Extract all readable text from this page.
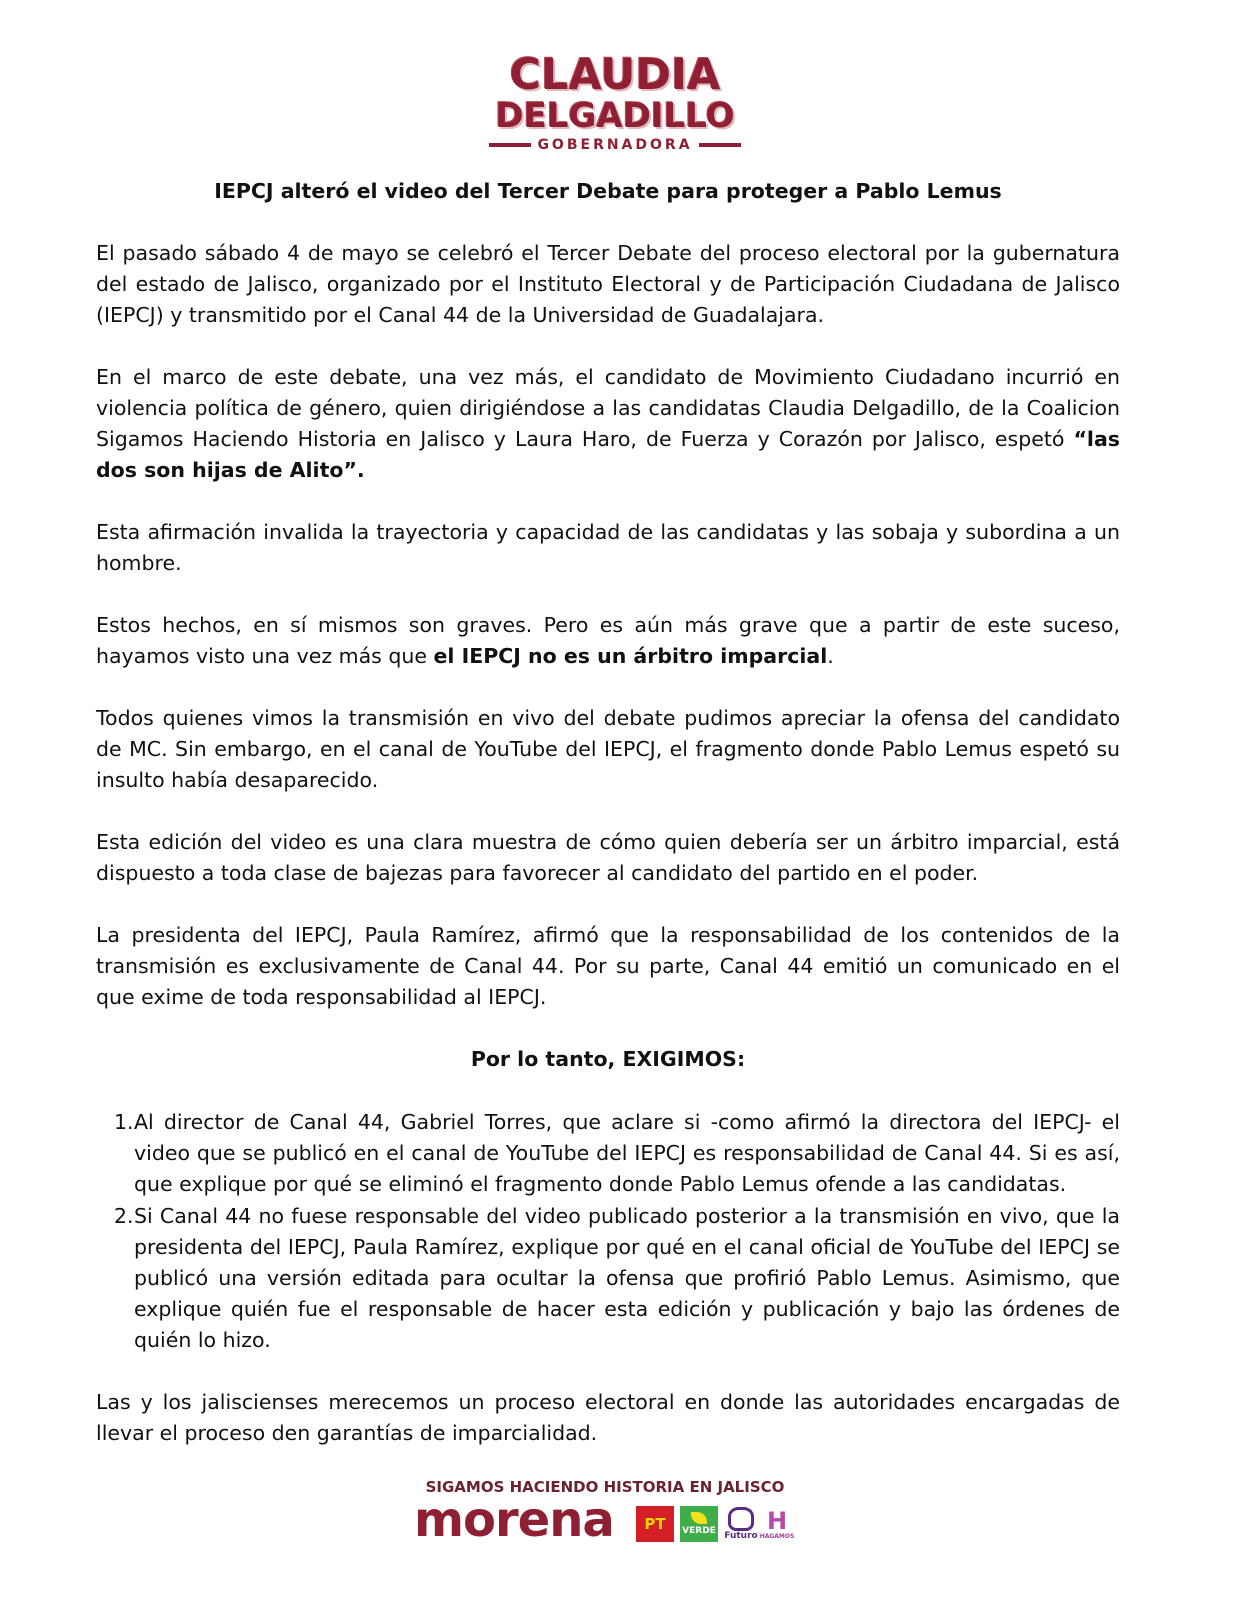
CLAUDIA
DELGADILLO
GOBERNADORA
IEPCJ alteró el video del Tercer Debate para proteger a Pablo Lemus

El pasado sábado 4 de mayo se celebró el Tercer Debate del proceso electoral por la gubernatura del estado de Jalisco, organizado por el Instituto Electoral y de Participación Ciudadana de Jalisco (IEPCJ) y transmitido por el Canal 44 de la Universidad de Guadalajara.

En el marco de este debate, una vez más, el candidato de Movimiento Ciudadano incurrió en violencia política de género, quien dirigiéndose a las candidatas Claudia Delgadillo, de la Coalicion Sigamos Haciendo Historia en Jalisco y Laura Haro, de Fuerza y Corazón por Jalisco, espetó “las dos son hijas de Alito”.

Esta afirmación invalida la trayectoria y capacidad de las candidatas y las sobaja y subordina a un hombre.

Estos hechos, en sí mismos son graves. Pero es aún más grave que a partir de este suceso, hayamos visto una vez más que el IEPCJ no es un árbitro imparcial.

Todos quienes vimos la transmisión en vivo del debate pudimos apreciar la ofensa del candidato de MC. Sin embargo, en el canal de YouTube del IEPCJ, el fragmento donde Pablo Lemus espetó su insulto había desaparecido.

Esta edición del video es una clara muestra de cómo quien debería ser un árbitro imparcial, está dispuesto a toda clase de bajezas para favorecer al candidato del partido en el poder.

La presidenta del IEPCJ, Paula Ramírez, afirmó que la responsabilidad de los contenidos de la transmisión es exclusivamente de Canal 44. Por su parte, Canal 44 emitió un comunicado en el que exime de toda responsabilidad al IEPCJ.

Por lo tanto, EXIGIMOS:
1. Al director de Canal 44, Gabriel Torres, que aclare si -como afirmó la directora del IEPCJ- el video que se publicó en el canal de YouTube del IEPCJ es responsabilidad de Canal 44. Si es así, que explique por qué se eliminó el fragmento donde Pablo Lemus ofende a las candidatas.
2. Si Canal 44 no fuese responsable del video publicado posterior a la transmisión en vivo, que la presidenta del IEPCJ, Paula Ramírez, explique por qué en el canal oficial de YouTube del IEPCJ se publicó una versión editada para ocultar la ofensa que profirió Pablo Lemus. Asimismo, que explique quién fue el responsable de hacer esta edición y publicación y bajo las órdenes de quién lo hizo.

Las y los jaliscienses merecemos un proceso electoral en donde las autoridades encargadas de llevar el proceso den garantías de imparcialidad.

SIGAMOS HACIENDO HISTORIA EN JALISCO
morena PT VERDE Futuro
H
HAGAMOS
